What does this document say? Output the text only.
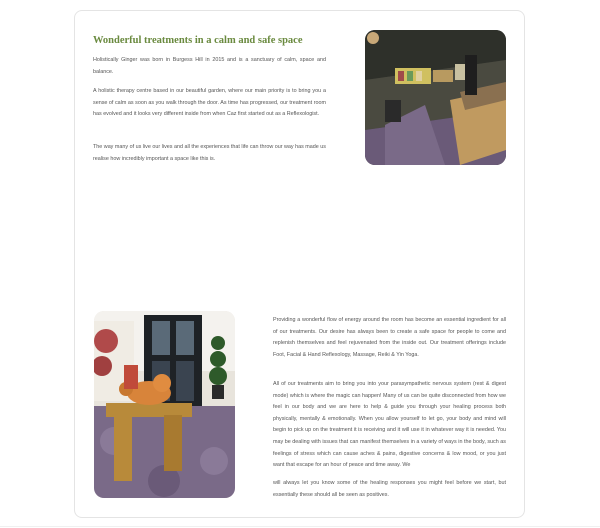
Wonderful treatments in a calm and safe space

Holistically Ginger was born in Burgess Hill in 2015 and is a sanctuary of calm, space and balance.

A holistic therapy centre based in our beautiful garden, where our main priority is to bring you a sense of calm as soon as you walk through the door. As time has progressed, our treatment room has evolved and it looks very different inside from when Caz first started out as a Reflexologist.

The way many of us live our lives and all the experiences that life can throw our way has made us realise how incredibly important a space like this is.

Providing a wonderful flow of energy around the room has become an essential ingredient for all of our treatments. Our desire has always been to create a safe space for people to come and replenish themselves and feel rejuvenated from the inside out. Our treatment offerings include Foot, Facial & Hand Reflexology, Massage, Reiki & Yin Yoga.

All of our treatments aim to bring you into your parasympathetic nervous system (rest & digest mode) which is where the magic can happen! Many of us can be quite disconnected from how we feel in our body and we are here to help & guide you through your healing process both physically, mentally & emotionally. When you allow yourself to let go, your body and mind will begin to pick up on the treatment it is receiving and it will use it in whatever way it is needed. You may be dealing with issues that can manifest themselves in a variety of ways in the body, such as feelings of stress which can cause aches & pains, digestive concerns & low mood, or you just want that escape for an hour of peace and time away. We

will always let you know some of the healing responses you might feel before we start, but essentially these should all be seen as positives.
